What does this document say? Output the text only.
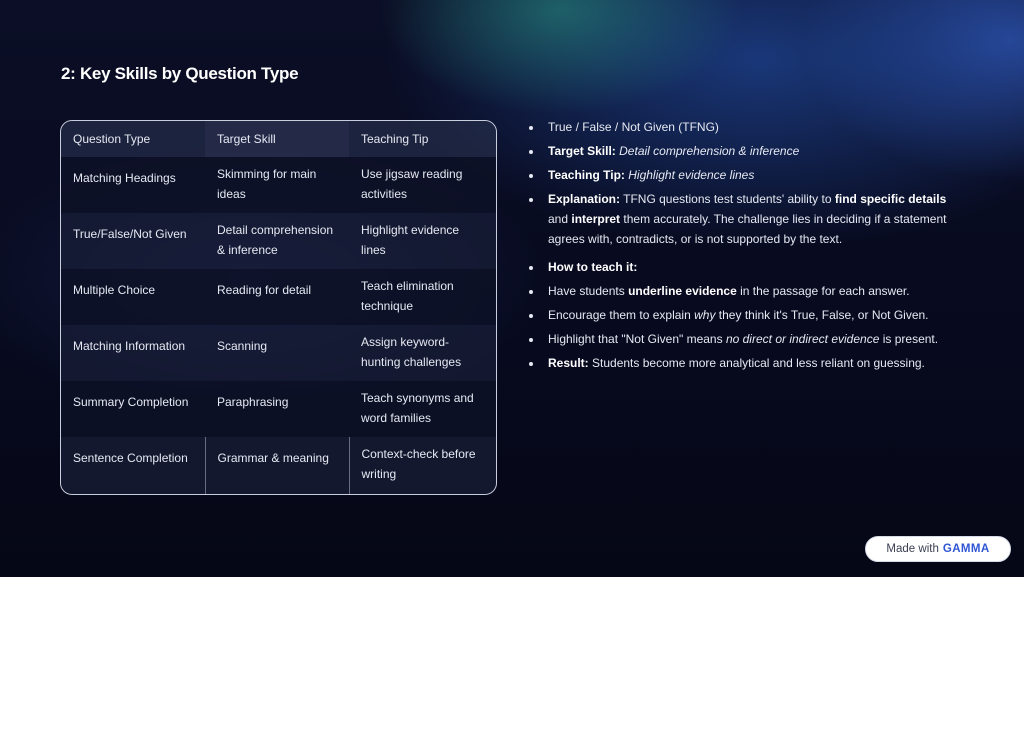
2: Key Skills by Question Type
Question Type	Target Skill	Teaching Tip
Matching Headings	Skimming for main ideas	Use jigsaw reading activities
True/False/Not Given	Detail comprehension & inference	Highlight evidence lines
Multiple Choice	Reading for detail	Teach elimination technique
Matching Information	Scanning	Assign keyword-hunting challenges
Summary Completion	Paraphrasing	Teach synonyms and word families
Sentence Completion	Grammar & meaning	Context-check before writing
True / False / Not Given (TFNG)
Target Skill: Detail comprehension & inference
Teaching Tip: Highlight evidence lines
Explanation: TFNG questions test students' ability to find specific details and interpret them accurately. The challenge lies in deciding if a statement agrees with, contradicts, or is not supported by the text.
How to teach it:
Have students underline evidence in the passage for each answer.
Encourage them to explain why they think it's True, False, or Not Given.
Highlight that "Not Given" means no direct or indirect evidence is present.
Result: Students become more analytical and less reliant on guessing.
Made with GAMMA
